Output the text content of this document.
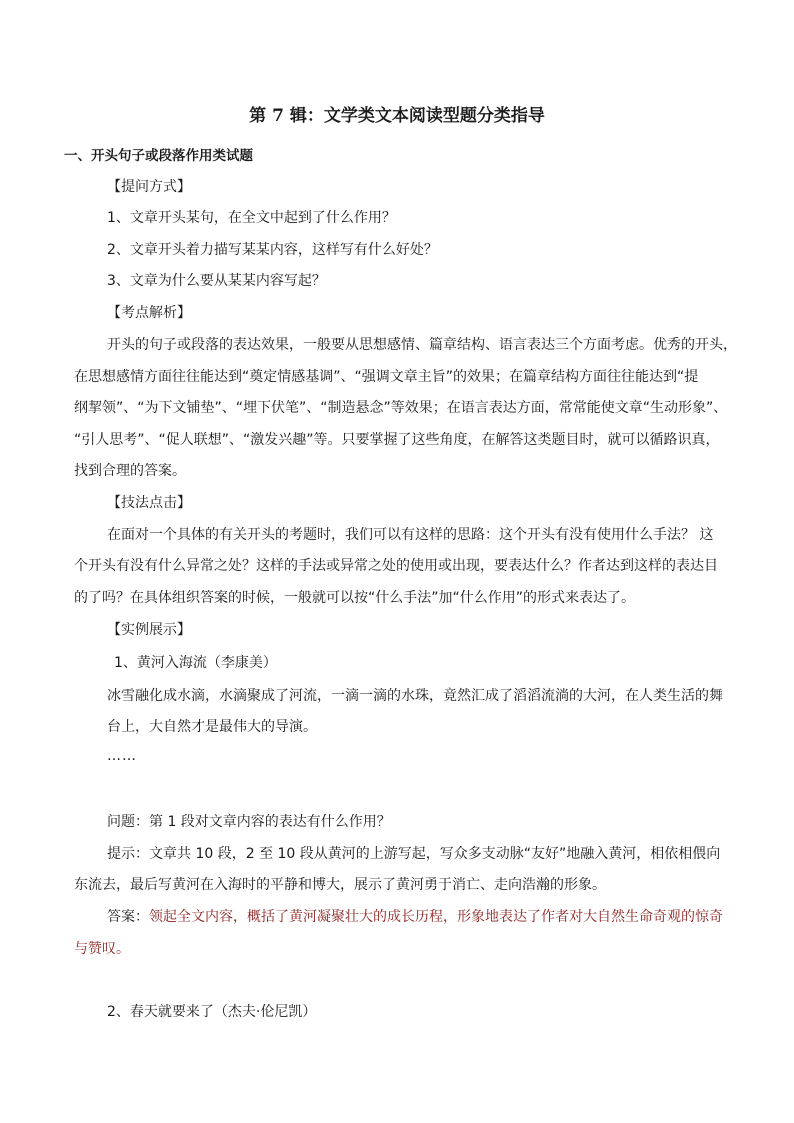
第 7 辑：文学类文本阅读型题分类指导
一、开头句子或段落作用类试题
【提问方式】
1、文章开头某句，在全文中起到了什么作用？
2、文章开头着力描写某某内容，这样写有什么好处？
3、文章为什么要从某某内容写起？
【考点解析】
开头的句子或段落的表达效果，一般要从思想感情、篇章结构、语言表达三个方面考虑。优秀的开头，
在思想感情方面往往能达到“奠定情感基调”、“强调文章主旨”的效果；在篇章结构方面往往能达到“提
纲挈领”、“为下文铺垫”、“埋下伏笔”、“制造悬念”等效果；在语言表达方面，常常能使文章“生动形象”、
“引人思考”、“促人联想”、“激发兴趣”等。只要掌握了这些角度，在解答这类题目时，就可以循路识真，
找到合理的答案。
【技法点击】
在面对一个具体的有关开头的考题时，我们可以有这样的思路：这个开头有没有使用什么手法？ 这
个开头有没有什么异常之处？这样的手法或异常之处的使用或出现，要表达什么？作者达到这样的表达目
的了吗？在具体组织答案的时候，一般就可以按“什么手法”加“什么作用”的形式来表达了。
【实例展示】
1、黄河入海流（李康美）
冰雪融化成水滴，水滴聚成了河流，一滴一滴的水珠，竟然汇成了滔滔流淌的大河，在人类生活的舞
台上，大自然才是最伟大的导演。
……
问题：第 1 段对文章内容的表达有什么作用？
提示：文章共 10 段，2 至 10 段从黄河的上游写起，写众多支动脉“友好”地融入黄河，相依相偎向
东流去，最后写黄河在入海时的平静和博大，展示了黄河勇于消亡、走向浩瀚的形象。
答案：领起全文内容，概括了黄河凝聚壮大的成长历程，形象地表达了作者对大自然生命奇观的惊奇
与赞叹。
2、春天就要来了（杰夫·伦尼凯）
